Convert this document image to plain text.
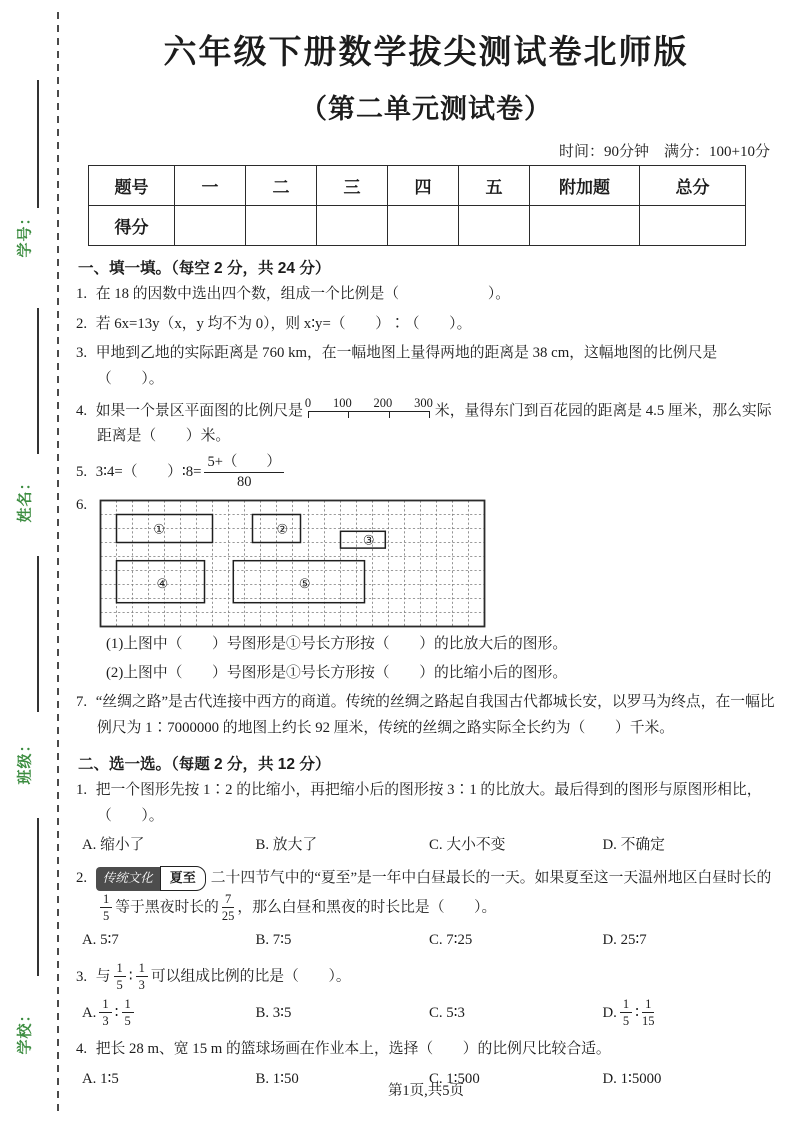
学号：
姓名：
班级：
学校：
六年级下册数学拔尖测试卷北师版
（第二单元测试卷）
时间：90分钟　满分：100+10分
题号	一	二	三	四	五	附加题	总分
得分							
一、填一填。（每空 2 分，共 24 分）

1. 在 18 的因数中选出四个数，组成一个比例是（　　　　　　）。

2. 若 6x=13y（x，y 均不为 0），则 x∶y=（　　）∶（　　）。

3. 甲地到乙地的实际距离是 760 km，在一幅地图上量得两地的距离是 38 cm，这幅地图的比例尺是（　　）。

4. 如果一个景区平面图的比例尺是 0 100 200 300 米，量得东门到百花园的距离是 4.5 厘米，那么实际距离是（　　）米。

5. 3∶4=（　　）∶8= $\frac{5+( )}{80}$

6.
①	②
③
④	⑤

(1)上图中（　　）号图形是①号长方形按（　　）的比放大后的图形。

(2)上图中（　　）号图形是①号长方形按（　　）的比缩小后的图形。

7. “丝绸之路”是古代连接中西方的商道。传统的丝绸之路起自我国古代都城长安，以罗马为终点，在一幅比例尺为 1∶7000000 的地图上约长 92 厘米，传统的丝绸之路实际全长约为（　　）千米。

二、选一选。（每题 2 分，共 12 分）

1. 把一个图形先按 1∶2 的比缩小，再把缩小后的图形按 3∶1 的比放大。最后得到的图形与原图形相比，（　　）。

A. 缩小了	B. 放大了	C. 大小不变	D. 不确定

2. 传统文化 夏至 二十四节气中的“夏至”是一年中白昼最长的一天。如果夏至这一天温州地区白昼时长的
$\frac{1}{5}$ 等于黑夜时长的 $\frac{7}{25}$ ，那么白昼和黑夜的时长比是（　　）。

A. 5∶7	B. 7∶5	C. 7∶25	D. 25∶7

3. 与 $\frac{1}{5}$ ∶ $\frac{1}{3}$ 可以组成比例的比是（　　）。

A. $\frac{1}{3}$ ∶ $\frac{1}{5}$	B. 3∶5	C. 5∶3	D. $\frac{1}{5}$ ∶ $\frac{1}{15}$

4. 把长 28 m、宽 15 m 的篮球场画在作业本上，选择（　　）的比例尺比较合适。

A. 1∶5	B. 1∶50	C. 1∶500	D. 1∶5000
第1页,共5页
